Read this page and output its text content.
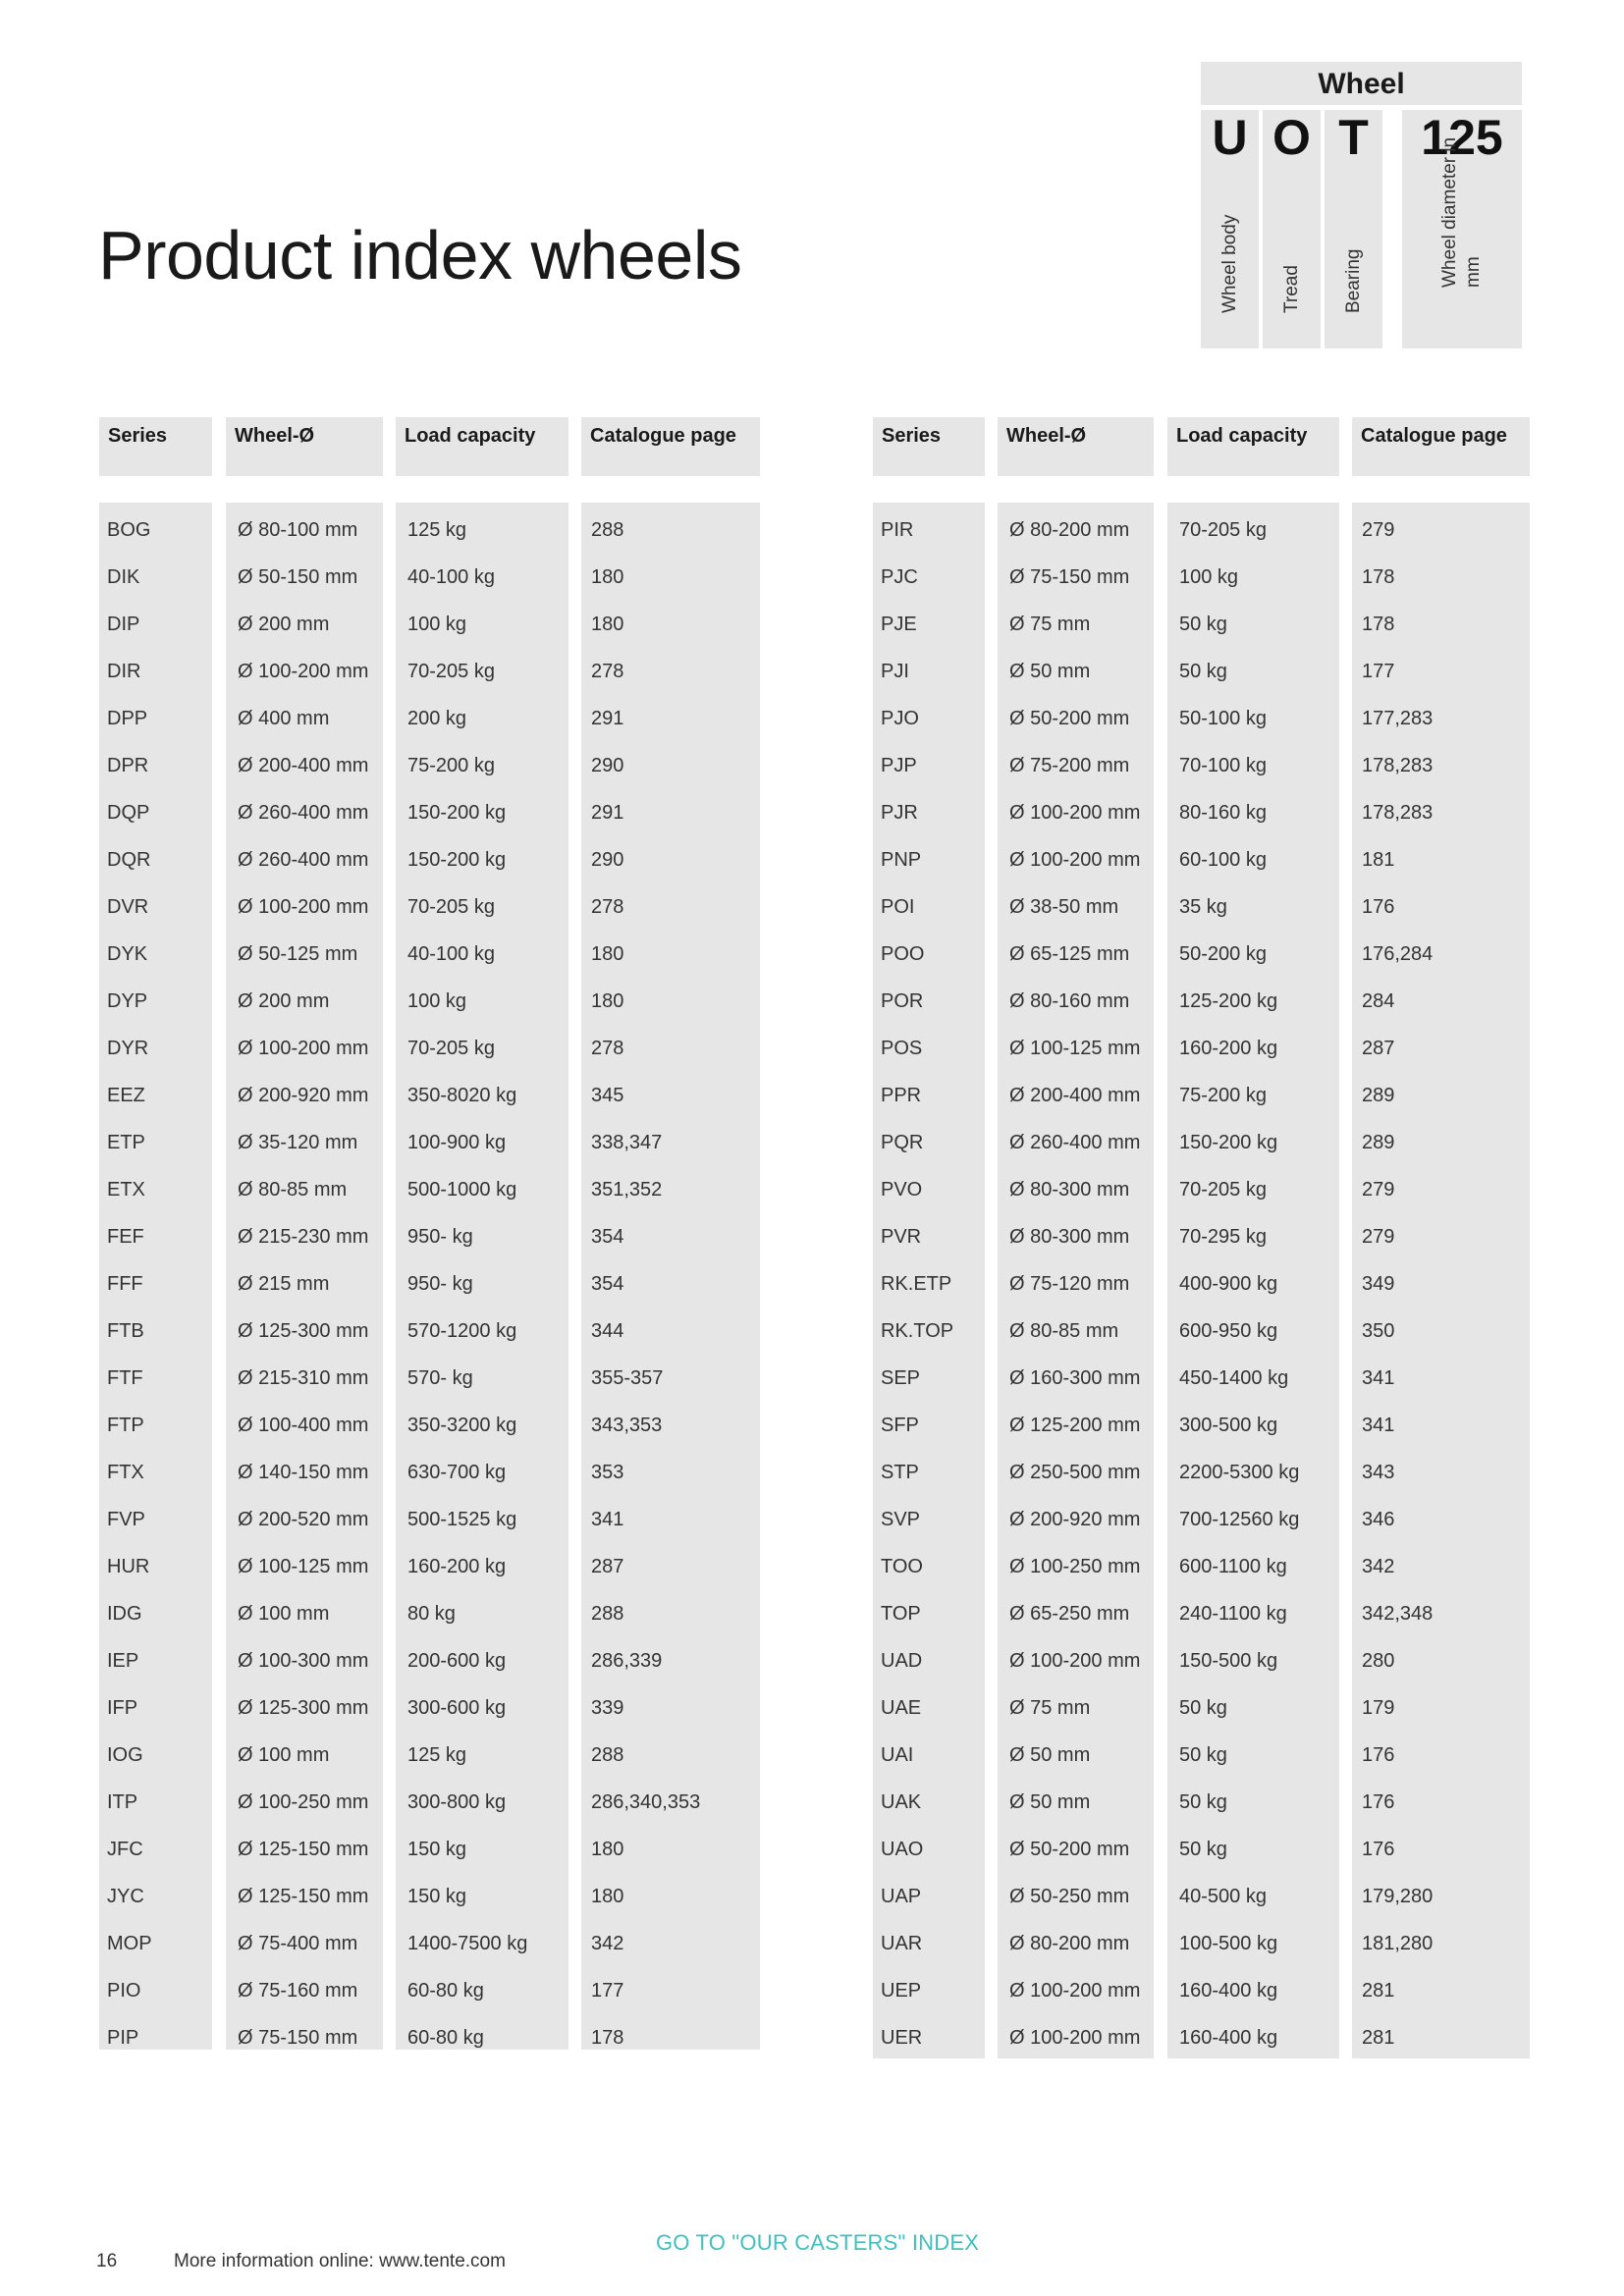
Wheel
U
Wheel body
O
Tread
T
Bearing
125
Wheel diameter in mm
Product index wheels
Series
BOG
DIK
DIP
DIR
DPP
DPR
DQP
DQR
DVR
DYK
DYP
DYR
EEZ
ETP
ETX
FEF
FFF
FTB
FTF
FTP
FTX
FVP
HUR
IDG
IEP
IFP
IOG
ITP
JFC
JYC
MOP
PIO
PIP
Wheel-Ø
Ø 80-100 mm
Ø 50-150 mm
Ø 200 mm
Ø 100-200 mm
Ø 400 mm
Ø 200-400 mm
Ø 260-400 mm
Ø 260-400 mm
Ø 100-200 mm
Ø 50-125 mm
Ø 200 mm
Ø 100-200 mm
Ø 200-920 mm
Ø 35-120 mm
Ø 80-85 mm
Ø 215-230 mm
Ø 215 mm
Ø 125-300 mm
Ø 215-310 mm
Ø 100-400 mm
Ø 140-150 mm
Ø 200-520 mm
Ø 100-125 mm
Ø 100 mm
Ø 100-300 mm
Ø 125-300 mm
Ø 100 mm
Ø 100-250 mm
Ø 125-150 mm
Ø 125-150 mm
Ø 75-400 mm
Ø 75-160 mm
Ø 75-150 mm
Load capacity
125 kg
40-100 kg
100 kg
70-205 kg
200 kg
75-200 kg
150-200 kg
150-200 kg
70-205 kg
40-100 kg
100 kg
70-205 kg
350-8020 kg
100-900 kg
500-1000 kg
950- kg
950- kg
570-1200 kg
570- kg
350-3200 kg
630-700 kg
500-1525 kg
160-200 kg
80 kg
200-600 kg
300-600 kg
125 kg
300-800 kg
150 kg
150 kg
1400-7500 kg
60-80 kg
60-80 kg
Catalogue page
288
180
180
278
291
290
291
290
278
180
180
278
345
338,347
351,352
354
354
344
355-357
343,353
353
341
287
288
286,339
339
288
286,340,353
180
180
342
177
178
Series
PIR
PJC
PJE
PJI
PJO
PJP
PJR
PNP
POI
POO
POR
POS
PPR
PQR
PVO
PVR
RK.ETP
RK.TOP
SEP
SFP
STP
SVP
TOO
TOP
UAD
UAE
UAI
UAK
UAO
UAP
UAR
UEP
UER
Wheel-Ø
Ø 80-200 mm
Ø 75-150 mm
Ø 75 mm
Ø 50 mm
Ø 50-200 mm
Ø 75-200 mm
Ø 100-200 mm
Ø 100-200 mm
Ø 38-50 mm
Ø 65-125 mm
Ø 80-160 mm
Ø 100-125 mm
Ø 200-400 mm
Ø 260-400 mm
Ø 80-300 mm
Ø 80-300 mm
Ø 75-120 mm
Ø 80-85 mm
Ø 160-300 mm
Ø 125-200 mm
Ø 250-500 mm
Ø 200-920 mm
Ø 100-250 mm
Ø 65-250 mm
Ø 100-200 mm
Ø 75 mm
Ø 50 mm
Ø 50 mm
Ø 50-200 mm
Ø 50-250 mm
Ø 80-200 mm
Ø 100-200 mm
Ø 100-200 mm
Load capacity
70-205 kg
100 kg
50 kg
50 kg
50-100 kg
70-100 kg
80-160 kg
60-100 kg
35 kg
50-200 kg
125-200 kg
160-200 kg
75-200 kg
150-200 kg
70-205 kg
70-295 kg
400-900 kg
600-950 kg
450-1400 kg
300-500 kg
2200-5300 kg
700-12560 kg
600-1100 kg
240-1100 kg
150-500 kg
50 kg
50 kg
50 kg
50 kg
40-500 kg
100-500 kg
160-400 kg
160-400 kg
Catalogue page
279
178
178
177
177,283
178,283
178,283
181
176
176,284
284
287
289
289
279
279
349
350
341
341
343
346
342
342,348
280
179
176
176
176
179,280
181,280
281
281
16	More information online: www.tente.com
GO TO "OUR CASTERS" INDEX
